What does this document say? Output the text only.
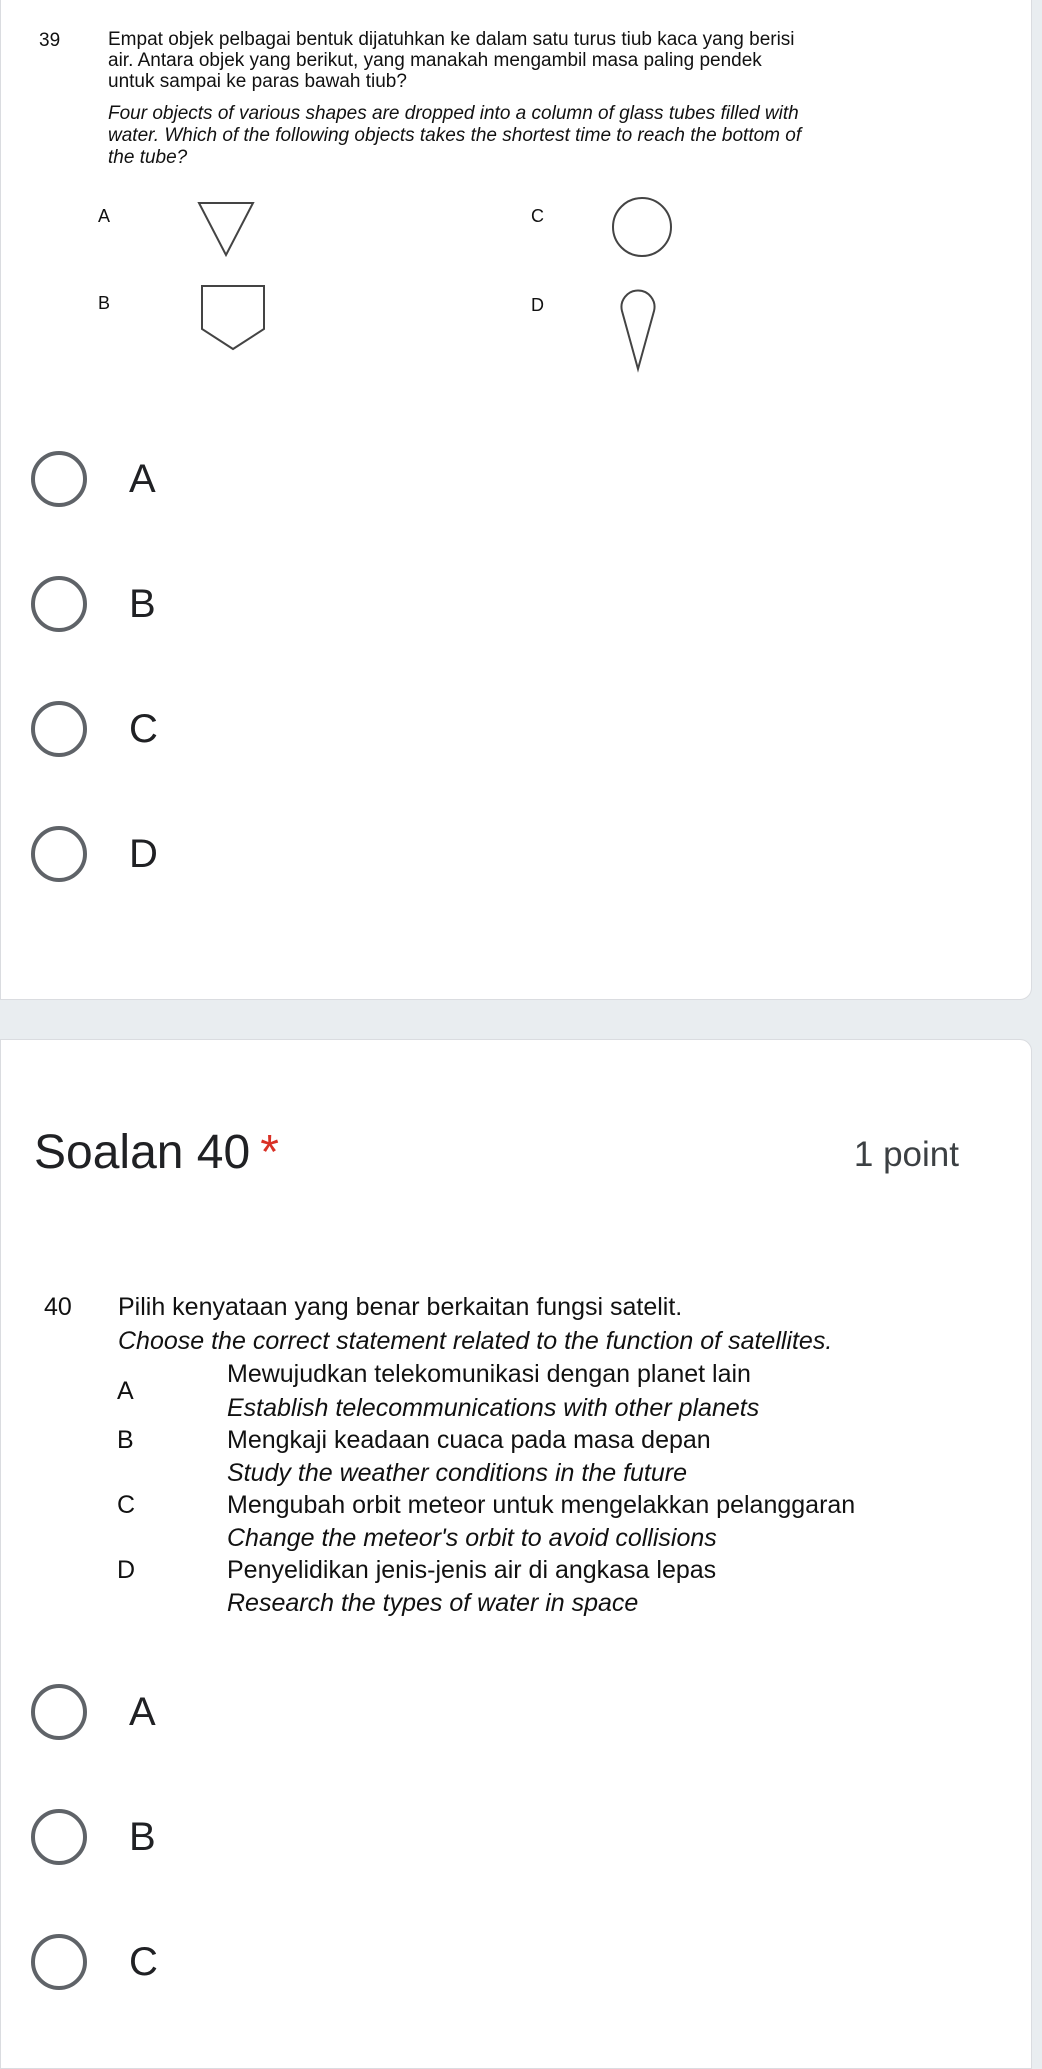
39	Empat objek pelbagai bentuk dijatuhkan ke dalam satu turus tiub kaca yang berisi
air. Antara objek yang berikut, yang manakah mengambil masa paling pendek
untuk sampai ke paras bawah tiub?
Four objects of various shapes are dropped into a column of glass tubes filled with
water. Which of the following objects takes the shortest time to reach the bottom of
the tube?
A	C
B	D
A
B
C
D
Soalan 40 *	1 point
40 Pilih kenyataan yang benar berkaitan fungsi satelit.
Choose the correct statement related to the function of satellites.
A
Mewujudkan telekomunikasi dengan planet lain
Establish telecommunications with other planets
B	Mengkaji keadaan cuaca pada masa depan
Study the weather conditions in the future
C	Mengubah orbit meteor untuk mengelakkan pelanggaran
Change the meteor's orbit to avoid collisions
D	Penyelidikan jenis-jenis air di angkasa lepas
Research the types of water in space
A
B
C
